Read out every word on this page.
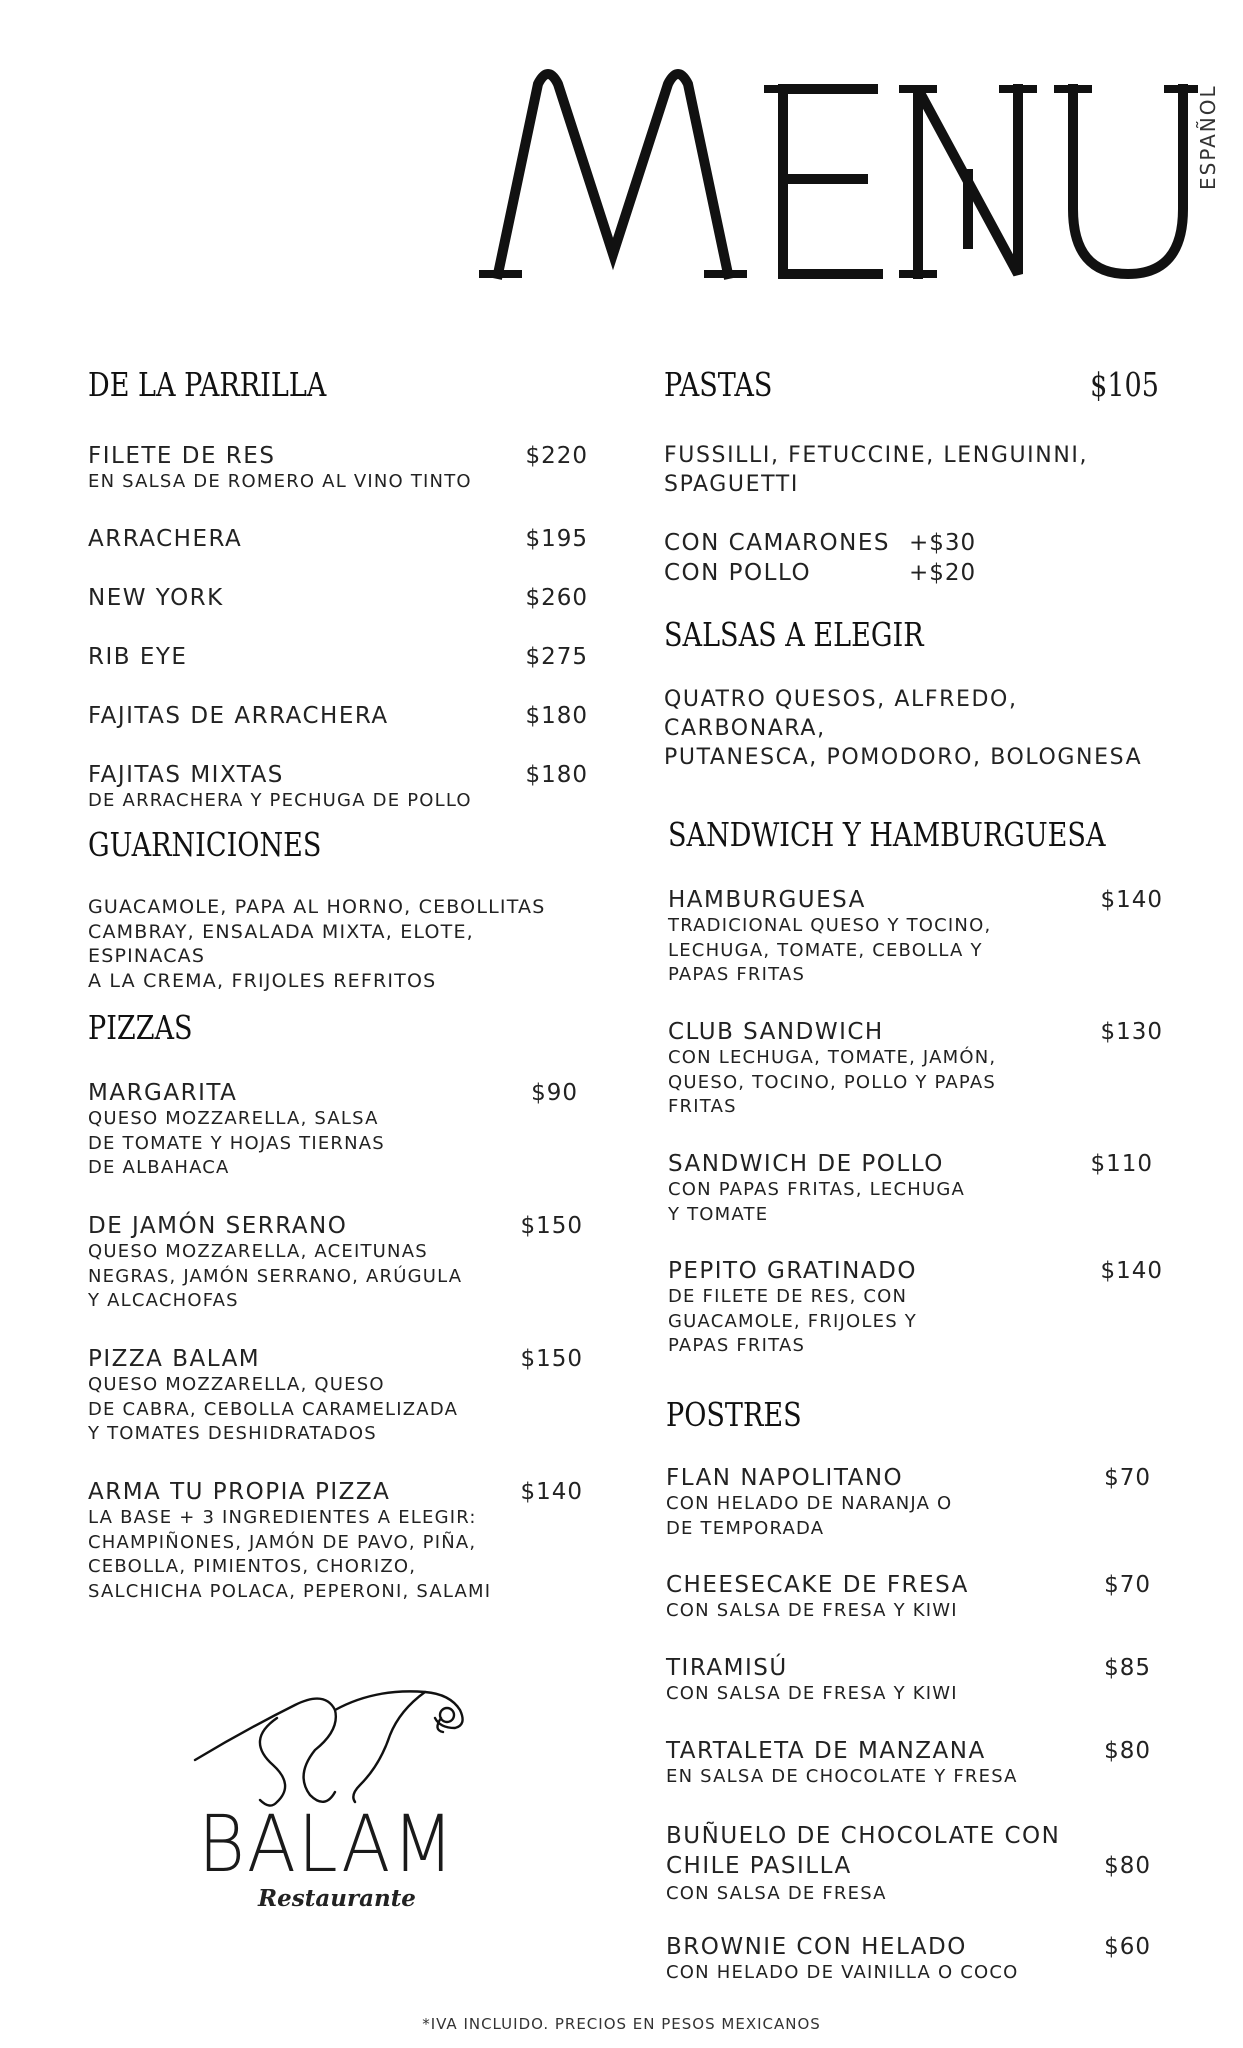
ESPAÑOL
DE LA PARRILLA
FILETE DE RES	$220
EN SALSA DE ROMERO AL VINO TINTO
ARRACHERA	$195
NEW YORK	$260
RIB EYE	$275
FAJITAS DE ARRACHERA	$180
FAJITAS MIXTAS	$180
DE ARRACHERA Y PECHUGA DE POLLO
GUARNICIONES
GUACAMOLE, PAPA AL HORNO, CEBOLLITAS
CAMBRAY, ENSALADA MIXTA, ELOTE, ESPINACAS
A LA CREMA, FRIJOLES REFRITOS
PIZZAS
MARGARITA	$90
QUESO MOZZARELLA, SALSA
DE TOMATE Y HOJAS TIERNAS
DE ALBAHACA
DE JAMÓN SERRANO	$150
QUESO MOZZARELLA, ACEITUNAS
NEGRAS, JAMÓN SERRANO, ARÚGULA
Y ALCACHOFAS
PIZZA BALAM	$150
QUESO MOZZARELLA, QUESO
DE CABRA, CEBOLLA CARAMELIZADA
Y TOMATES DESHIDRATADOS
ARMA TU PROPIA PIZZA	$140
LA BASE + 3 INGREDIENTES A ELEGIR:
CHAMPIÑONES, JAMÓN DE PAVO, PIÑA,
CEBOLLA, PIMIENTOS, CHORIZO,
SALCHICHA POLACA, PEPERONI, SALAMI
PASTAS	$105
FUSSILLI, FETUCCINE, LENGUINNI,
SPAGUETTI
CON CAMARONES +$30
CON POLLO	+$20
SALSAS A ELEGIR
QUATRO QUESOS, ALFREDO, CARBONARA,
PUTANESCA, POMODORO, BOLOGNESA
SANDWICH Y HAMBURGUESA
HAMBURGUESA	$140
TRADICIONAL QUESO Y TOCINO,
LECHUGA, TOMATE, CEBOLLA Y
PAPAS FRITAS
CLUB SANDWICH	$130
CON LECHUGA, TOMATE, JAMÓN,
QUESO, TOCINO, POLLO Y PAPAS
FRITAS
SANDWICH DE POLLO	$110
CON PAPAS FRITAS, LECHUGA
Y TOMATE
PEPITO GRATINADO	$140
DE FILETE DE RES, CON
GUACAMOLE, FRIJOLES Y
PAPAS FRITAS
POSTRES
FLAN NAPOLITANO	$70
CON HELADO DE NARANJA O
DE TEMPORADA
CHEESECAKE DE FRESA	$70
CON SALSA DE FRESA Y KIWI
TIRAMISÚ	$85
CON SALSA DE FRESA Y KIWI
TARTALETA DE MANZANA	$80
EN SALSA DE CHOCOLATE Y FRESA
BUÑUELO DE CHOCOLATE CON
CHILE PASILLA	$80
CON SALSA DE FRESA
BROWNIE CON HELADO	$60
CON HELADO DE VAINILLA O COCO
BALAM
Restaurante
*IVA INCLUIDO. PRECIOS EN PESOS MEXICANOS
